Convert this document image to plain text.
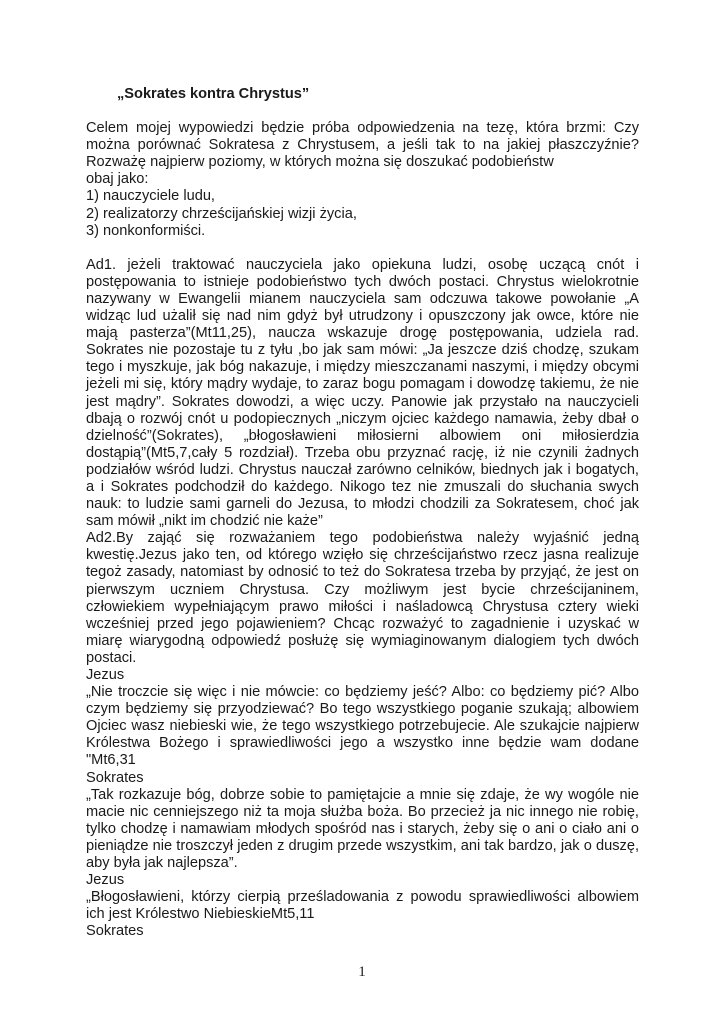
„Sokrates kontra Chrystus”

Celem mojej wypowiedzi będzie próba odpowiedzenia na tezę, która brzmi: Czy można porównać Sokratesa z Chrystusem, a jeśli tak to na jakiej płaszczyźnie? Rozważę najpierw poziomy, w których można się doszukać podobieństw

obaj jako:
1) nauczyciele ludu,
2) realizatorzy chrześcijańskiej wizji życia,
3) nonkonformiści.

Ad1. jeżeli traktować nauczyciela jako opiekuna ludzi, osobę uczącą cnót i postępowania to istnieje podobieństwo tych dwóch postaci. Chrystus wielokrotnie nazywany w Ewangelii mianem nauczyciela sam odczuwa takowe powołanie „A widząc lud użalił się nad nim gdyż był utrudzony i opuszczony jak owce, które nie mają pasterza”(Mt11,25), naucza wskazuje drogę postępowania, udziela rad. Sokrates nie pozostaje tu z tyłu ,bo jak sam mówi: „Ja jeszcze dziś chodzę, szukam tego i myszkuje, jak bóg nakazuje, i między mieszczanami naszymi, i między obcymi jeżeli mi się, który mądry wydaje, to zaraz bogu pomagam i dowodzę takiemu, że nie jest mądry”. Sokrates dowodzi, a więc uczy. Panowie jak przystało na nauczycieli dbają o rozwój cnót u podopiecznych „niczym ojciec każdego namawia, żeby dbał o dzielność”(Sokrates), „błogosławieni miłosierni albowiem oni miłosierdzia dostąpią”(Mt5,7,cały 5 rozdział). Trzeba obu przyznać rację, iż nie czynili żadnych podziałów wśród ludzi. Chrystus nauczał zarówno celników, biednych jak i bogatych, a i Sokrates podchodził do każdego. Nikogo tez nie zmuszali do słuchania swych nauk: to ludzie sami garneli do Jezusa, to młodzi chodzili za Sokratesem, choć jak sam mówił „nikt im chodzić nie każe”

Ad2.By zająć się rozważaniem tego podobieństwa należy wyjaśnić jedną kwestię.Jezus jako ten, od którego wzięło się chrześcijaństwo rzecz jasna realizuje tegoż zasady, natomiast by odnosić to też do Sokratesa trzeba by przyjąć, że jest on pierwszym uczniem Chrystusa. Czy możliwym jest bycie chrześcijaninem, człowiekiem wypełniającym prawo miłości i naśladowcą Chrystusa cztery wieki wcześniej przed jego pojawieniem? Chcąc rozważyć to zagadnienie i uzyskać w miarę wiarygodną odpowiedź posłużę się wymiaginowanym dialogiem tych dwóch postaci.

Jezus

„Nie troczcie się więc i nie mówcie: co będziemy jeść? Albo: co będziemy pić? Albo czym będziemy się przyodziewać? Bo tego wszystkiego poganie szukają; albowiem Ojciec wasz niebieski wie, że tego wszystkiego potrzebujecie. Ale szukajcie najpierw Królestwa Bożego i sprawiedliwości jego a wszystko inne będzie wam dodane "Mt6,31

Sokrates

„Tak rozkazuje bóg, dobrze sobie to pamiętajcie a mnie się zdaje, że wy wogóle nie macie nic cenniejszego niż ta moja służba boża. Bo przecież ja nic innego nie robię, tylko chodzę i namawiam młodych spośród nas i starych, żeby się o ani o ciało ani o pieniądze nie troszczył jeden z drugim przede wszystkim, ani tak bardzo, jak o duszę, aby była jak najlepsza”.

Jezus

„Błogosławieni, którzy cierpią prześladowania z powodu sprawiedliwości albowiem ich jest Królestwo NiebieskieMt5,11

Sokrates
1
